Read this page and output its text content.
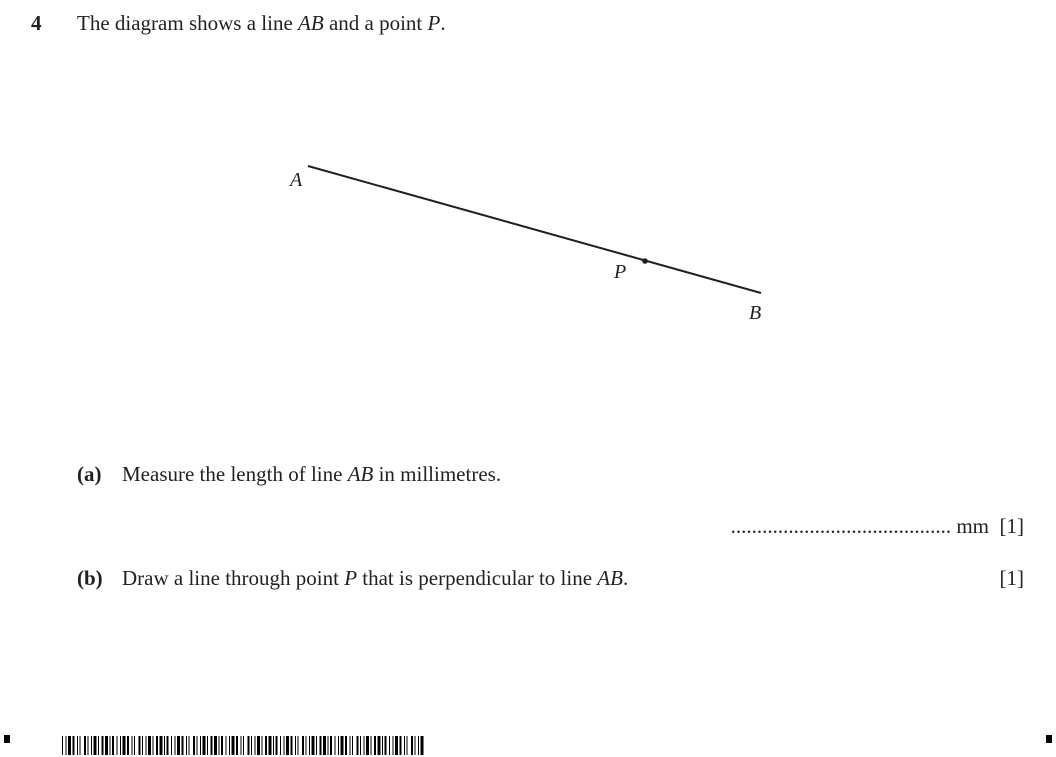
4 The diagram shows a line AB and a point P.
A
P
B
(a) Measure the length of line AB in millimetres.
.......................................... mm [1]
(b) Draw a line through point P that is perpendicular to line AB.	[1]
